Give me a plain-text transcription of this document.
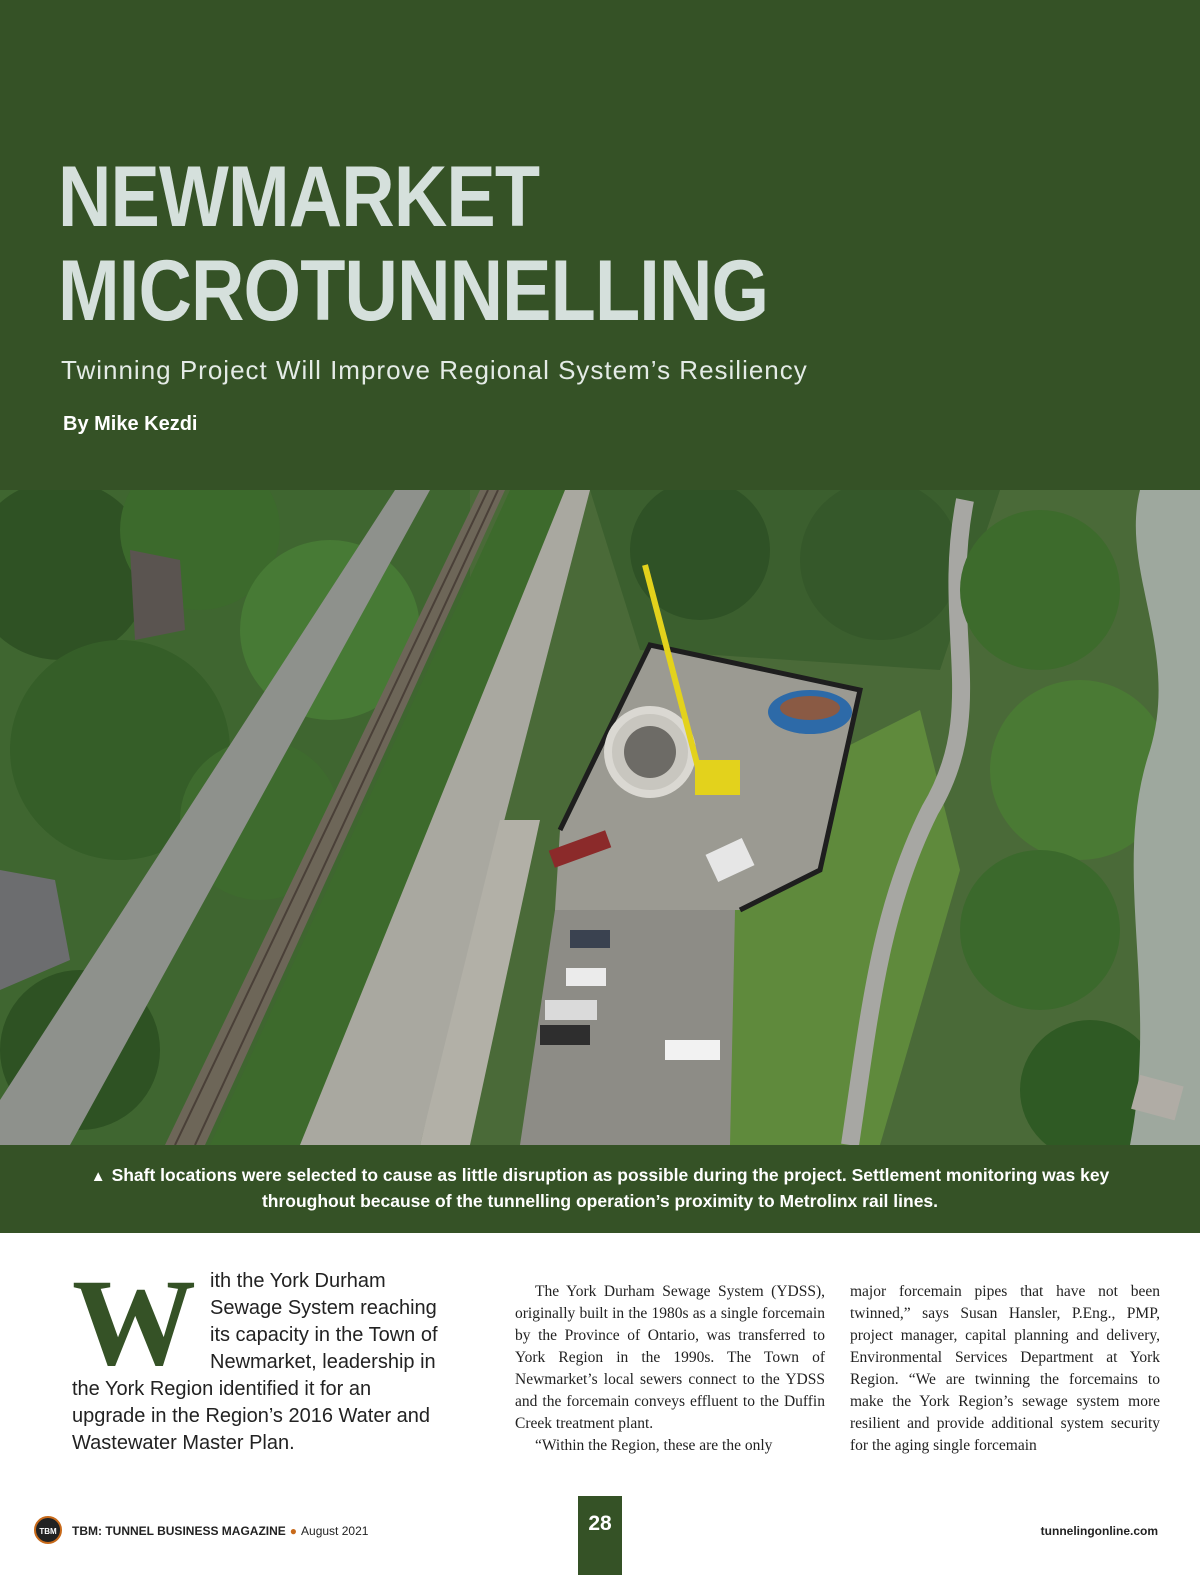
NEWMARKET
MICROTUNNELLING
Twinning Project Will Improve Regional System’s Resiliency

By Mike Kezdi

▲ Shaft locations were selected to cause as little disruption as possible during the project. Settlement monitoring was key throughout because of the tunnelling operation’s proximity to Metrolinx rail lines.

With the York Durham Sewage System reaching its capacity in the Town of Newmarket, leadership in the York Region identified it for an upgrade in the Region’s 2016 Water and Wastewater Master Plan.

The York Durham Sewage System (YDSS), originally built in the 1980s as a single forcemain by the Province of Ontario, was transferred to York Region in the 1990s. The Town of Newmarket’s local sewers connect to the YDSS and the forcemain conveys effluent to the Duffin Creek treatment plant.

“Within the Region, these are the only

major forcemain pipes that have not been twinned,” says Susan Hansler, P.Eng., PMP, project manager, capital planning and delivery, Environmental Services Department at York Region. “We are twinning the forcemains to make the York Region’s sewage system more resilient and provide additional system security for the aging single forcemain

TBM	TBM: TUNNEL BUSINESS MAGAZINE ● August 2021	28	tunnelingonline.com
